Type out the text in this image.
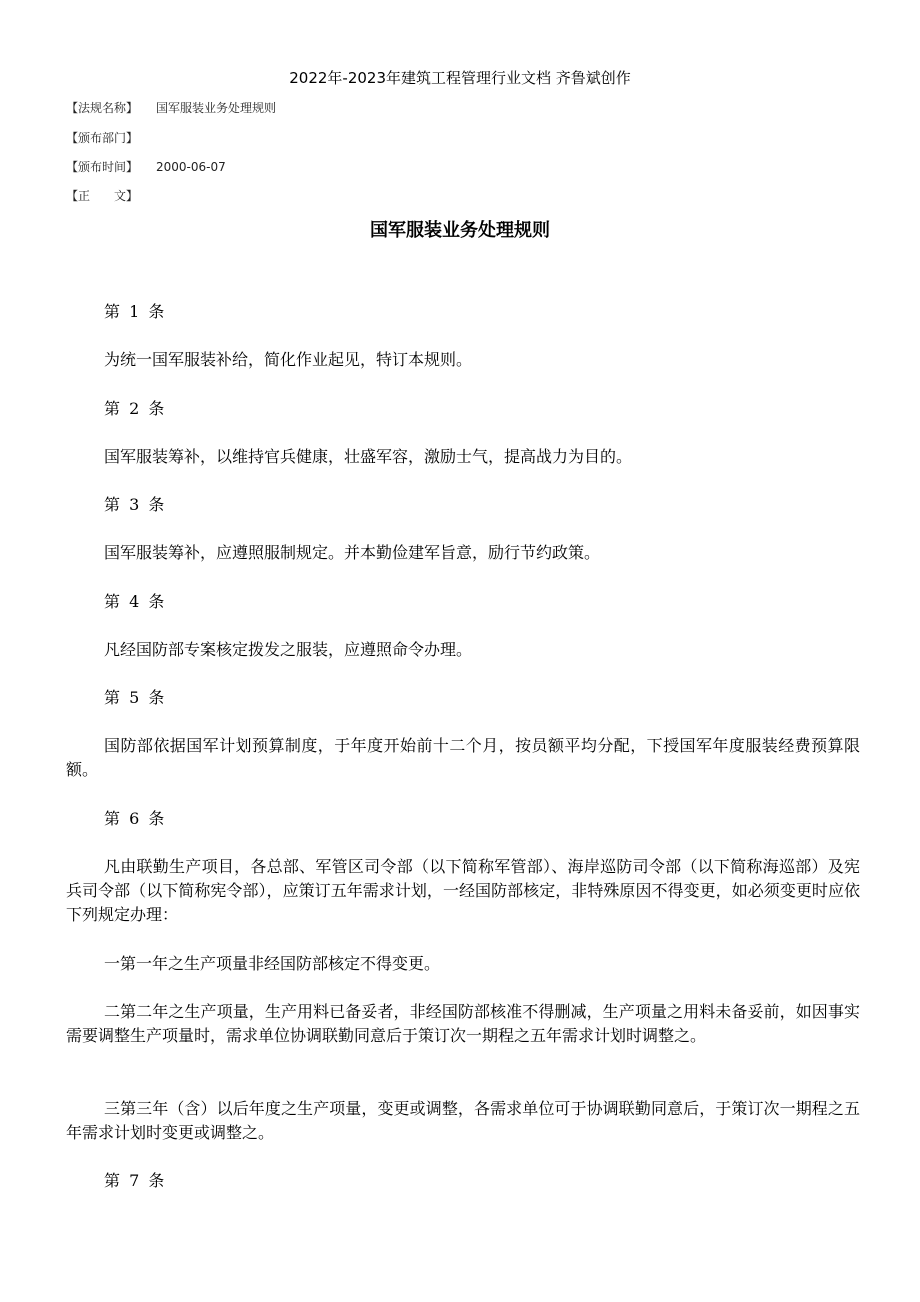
2022年-2023年建筑工程管理行业文档 齐鲁斌创作
【法规名称】 国军服装业务处理规则
【颁布部门】
【颁布时间】 2000-06-07
【正　　文】
国军服装业务处理规则
第 1 条
为统一国军服装补给，简化作业起见，特订本规则。
第 2 条
国军服装筹补，以维持官兵健康，壮盛军容，激励士气，提高战力为目的。
第 3 条
国军服装筹补，应遵照服制规定。并本勤俭建军旨意，励行节约政策。
第 4 条
凡经国防部专案核定拨发之服装，应遵照命令办理。
第 5 条
国防部依据国军计划预算制度，于年度开始前十二个月，按员额平均分配，下授国军年度服装经费预算限额。
第 6 条
凡由联勤生产项目，各总部、军管区司令部（以下简称军管部）、海岸巡防司令部（以下简称海巡部）及宪兵司令部（以下简称宪令部），应策订五年需求计划，一经国防部核定，非特殊原因不得变更，如必须变更时应依下列规定办理：
一第一年之生产项量非经国防部核定不得变更。
二第二年之生产项量，生产用料已备妥者，非经国防部核准不得删减，生产项量之用料未备妥前，如因事实需要调整生产项量时，需求单位协调联勤同意后于策订次一期程之五年需求计划时调整之。
三第三年（含）以后年度之生产项量，变更或调整，各需求单位可于协调联勤同意后，于策订次一期程之五年需求计划时变更或调整之。
第 7 条
